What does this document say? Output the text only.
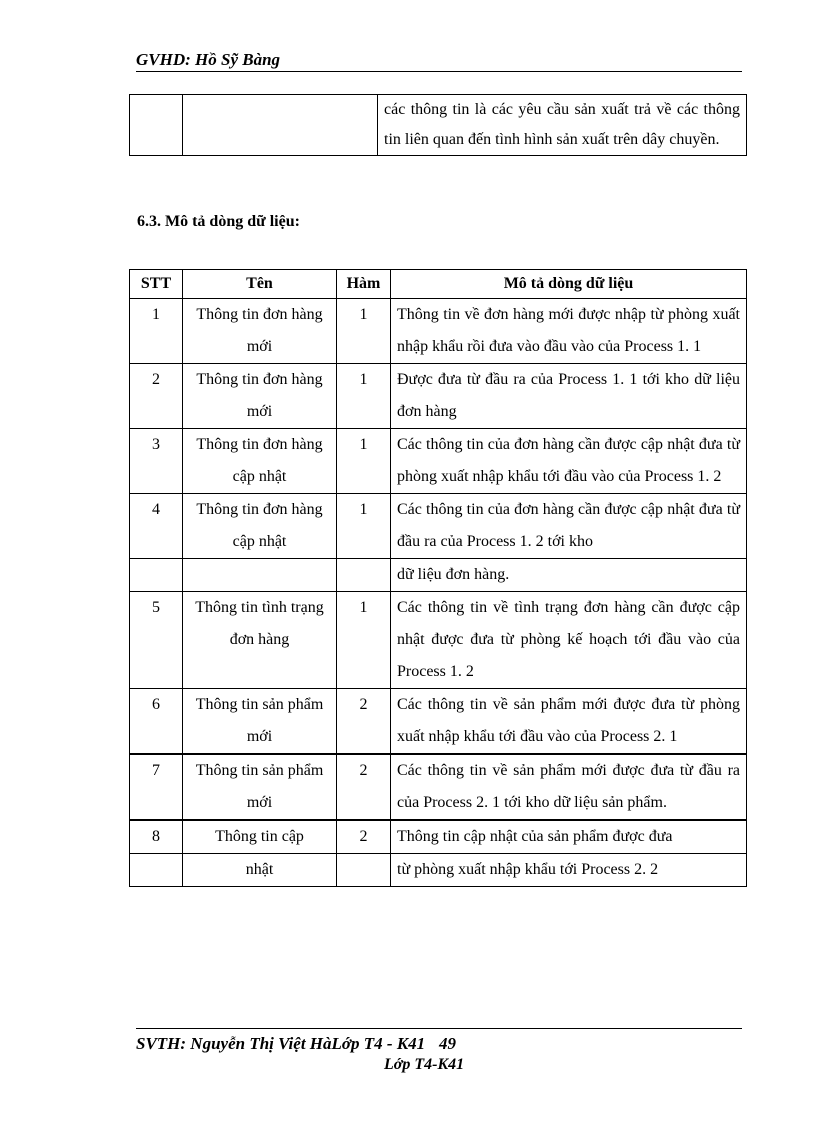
GVHD: Hồ Sỹ Bàng
		các thông tin là các yêu cầu sản xuất trả về các thông tin liên quan đến tình hình sản xuất trên dây chuyền.
6.3. Mô tả dòng dữ liệu:
STT	Tên	Hàm	Mô tả dòng dữ liệu
1	Thông tin đơn hàng mới	1	Thông tin về đơn hàng mới được nhập từ phòng xuất nhập khẩu rồi đưa vào đầu vào của Process 1. 1
2	Thông tin đơn hàng mới	1	Được đưa từ đầu ra của Process 1. 1 tới kho dữ liệu đơn hàng
3	Thông tin đơn hàng cập nhật	1	Các thông tin của đơn hàng cần được cập nhật đưa từ phòng xuất nhập khẩu tới đầu vào của Process 1. 2
4	Thông tin đơn hàng cập nhật	1	Các thông tin của đơn hàng cần được cập nhật đưa từ đầu ra của Process 1. 2 tới kho
			dữ liệu đơn hàng.
5	Thông tin tình trạng đơn hàng	1	Các thông tin về tình trạng đơn hàng cần được cập nhật được đưa từ phòng kế hoạch tới đầu vào của Process 1. 2
6	Thông tin sản phẩm mới	2	Các thông tin về sản phẩm mới được đưa từ phòng xuất nhập khẩu tới đầu vào của Process 2. 1
7	Thông tin sản phẩm mới	2	Các thông tin về sản phẩm mới được đưa từ đầu ra của Process 2. 1 tới kho dữ liệu sản phẩm.
8	Thông tin cập	2	Thông tin cập nhật của sản phẩm được đưa
	nhật		từ phòng xuất nhập khẩu tới Process 2. 2
SVTH: Nguyễn Thị Việt HàLớp T4 - K41 49
Lớp T4-K41
